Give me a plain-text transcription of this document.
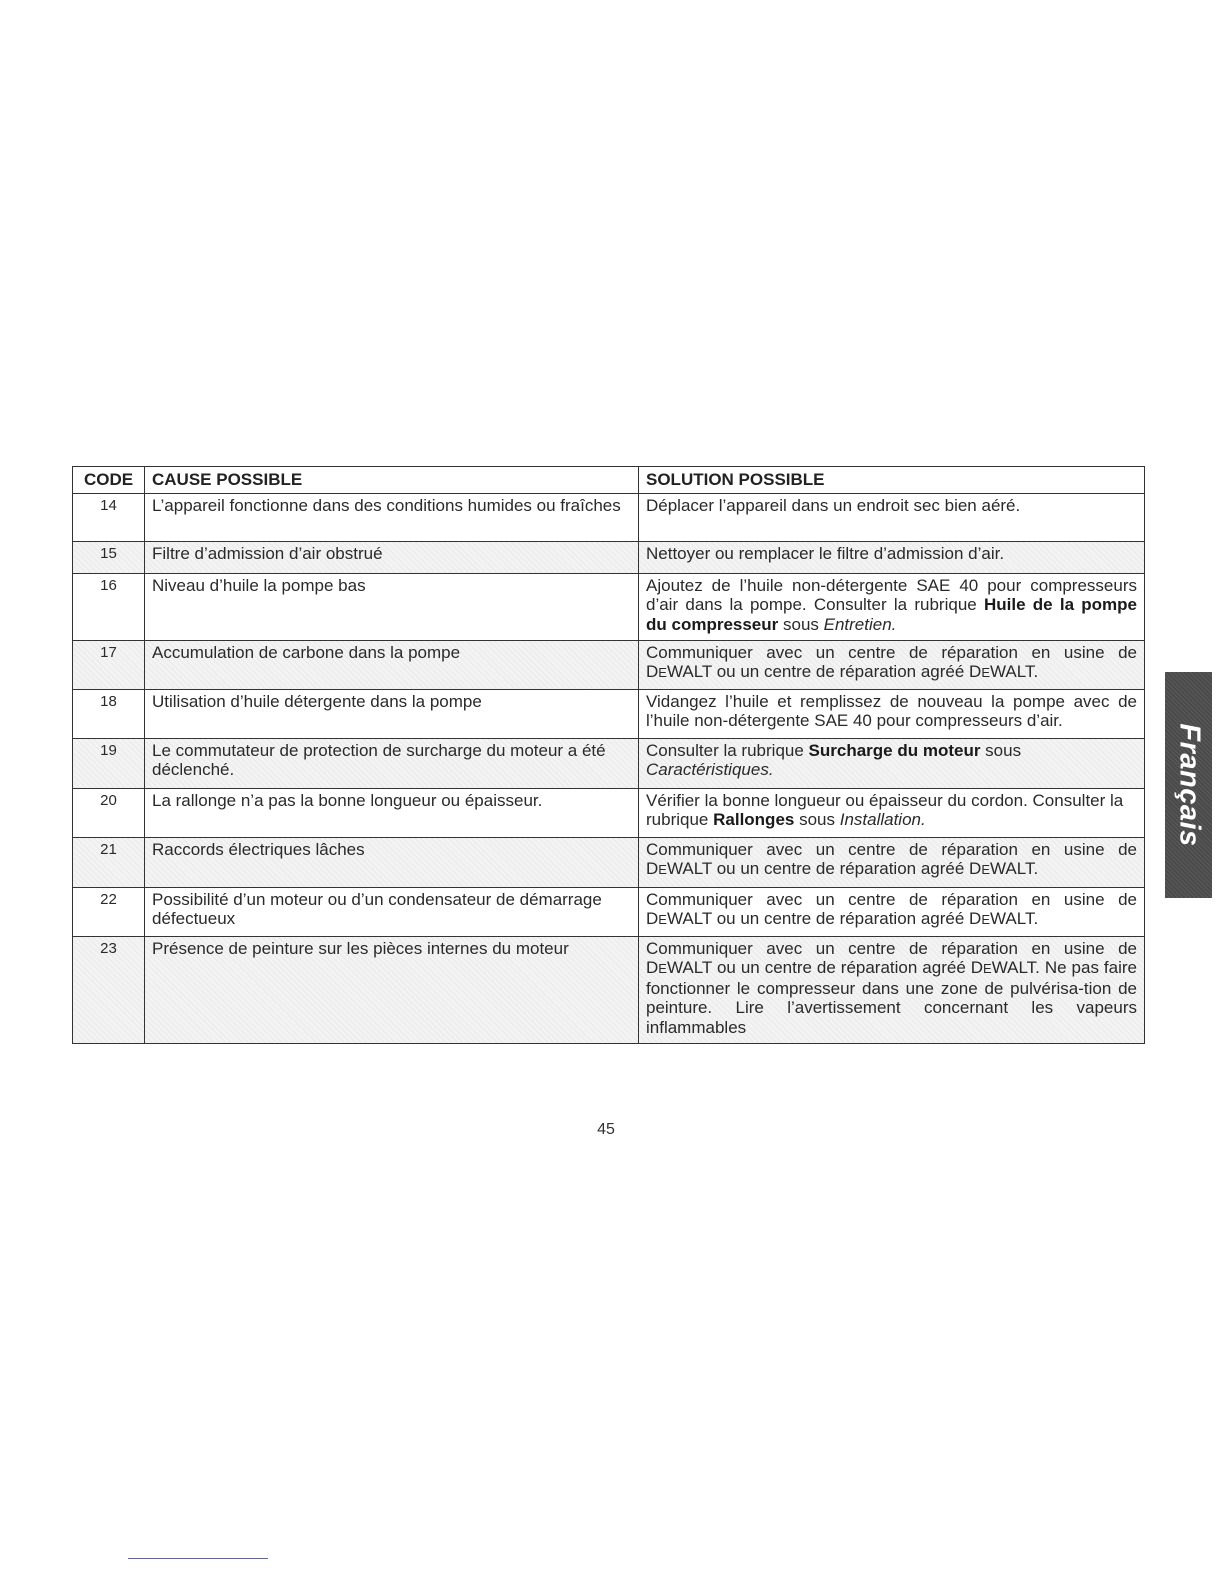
CODE	CAUSE POSSIBLE	SOLUTION POSSIBLE
14	L’appareil fonctionne dans des conditions humides ou fraîches	Déplacer l’appareil dans un endroit sec bien aéré.
15	Filtre d’admission d’air obstrué	Nettoyer ou remplacer le filtre d’admission d’air.
16	Niveau d’huile la pompe bas	Ajoutez de l’huile non-détergente SAE 40 pour compresseurs d’air dans la pompe. Consulter la rubrique Huile de la pompe du compresseur sous Entretien.
17	Accumulation de carbone dans la pompe	Communiquer avec un centre de réparation en usine de DEWALT ou un centre de réparation agréé DEWALT.
18	Utilisation d’huile détergente dans la pompe	Vidangez l’huile et remplissez de nouveau la pompe avec de l’huile non-détergente SAE 40 pour compresseurs d’air.
19	Le commutateur de protection de surcharge du moteur a été déclenché.	Consulter la rubrique Surcharge du moteur sous
Caractéristiques.
20	La rallonge n’a pas la bonne longueur ou épaisseur.	Vérifier la bonne longueur ou épaisseur du cordon. Consulter la rubrique Rallonges sous Installation.
21	Raccords électriques lâches	Communiquer avec un centre de réparation en usine de DEWALT ou un centre de réparation agréé DEWALT.
22	Possibilité d’un moteur ou d’un condensateur de démarrage défectueux	Communiquer avec un centre de réparation en usine de DEWALT ou un centre de réparation agréé DEWALT.
23	Présence de peinture sur les pièces internes du moteur	Communiquer avec un centre de réparation en usine de DEWALT ou un centre de réparation agréé DEWALT. Ne pas faire fonctionner le compresseur dans une zone de pulvérisa-tion de peinture. Lire l’avertissement concernant les vapeurs inflammables
45
Français
